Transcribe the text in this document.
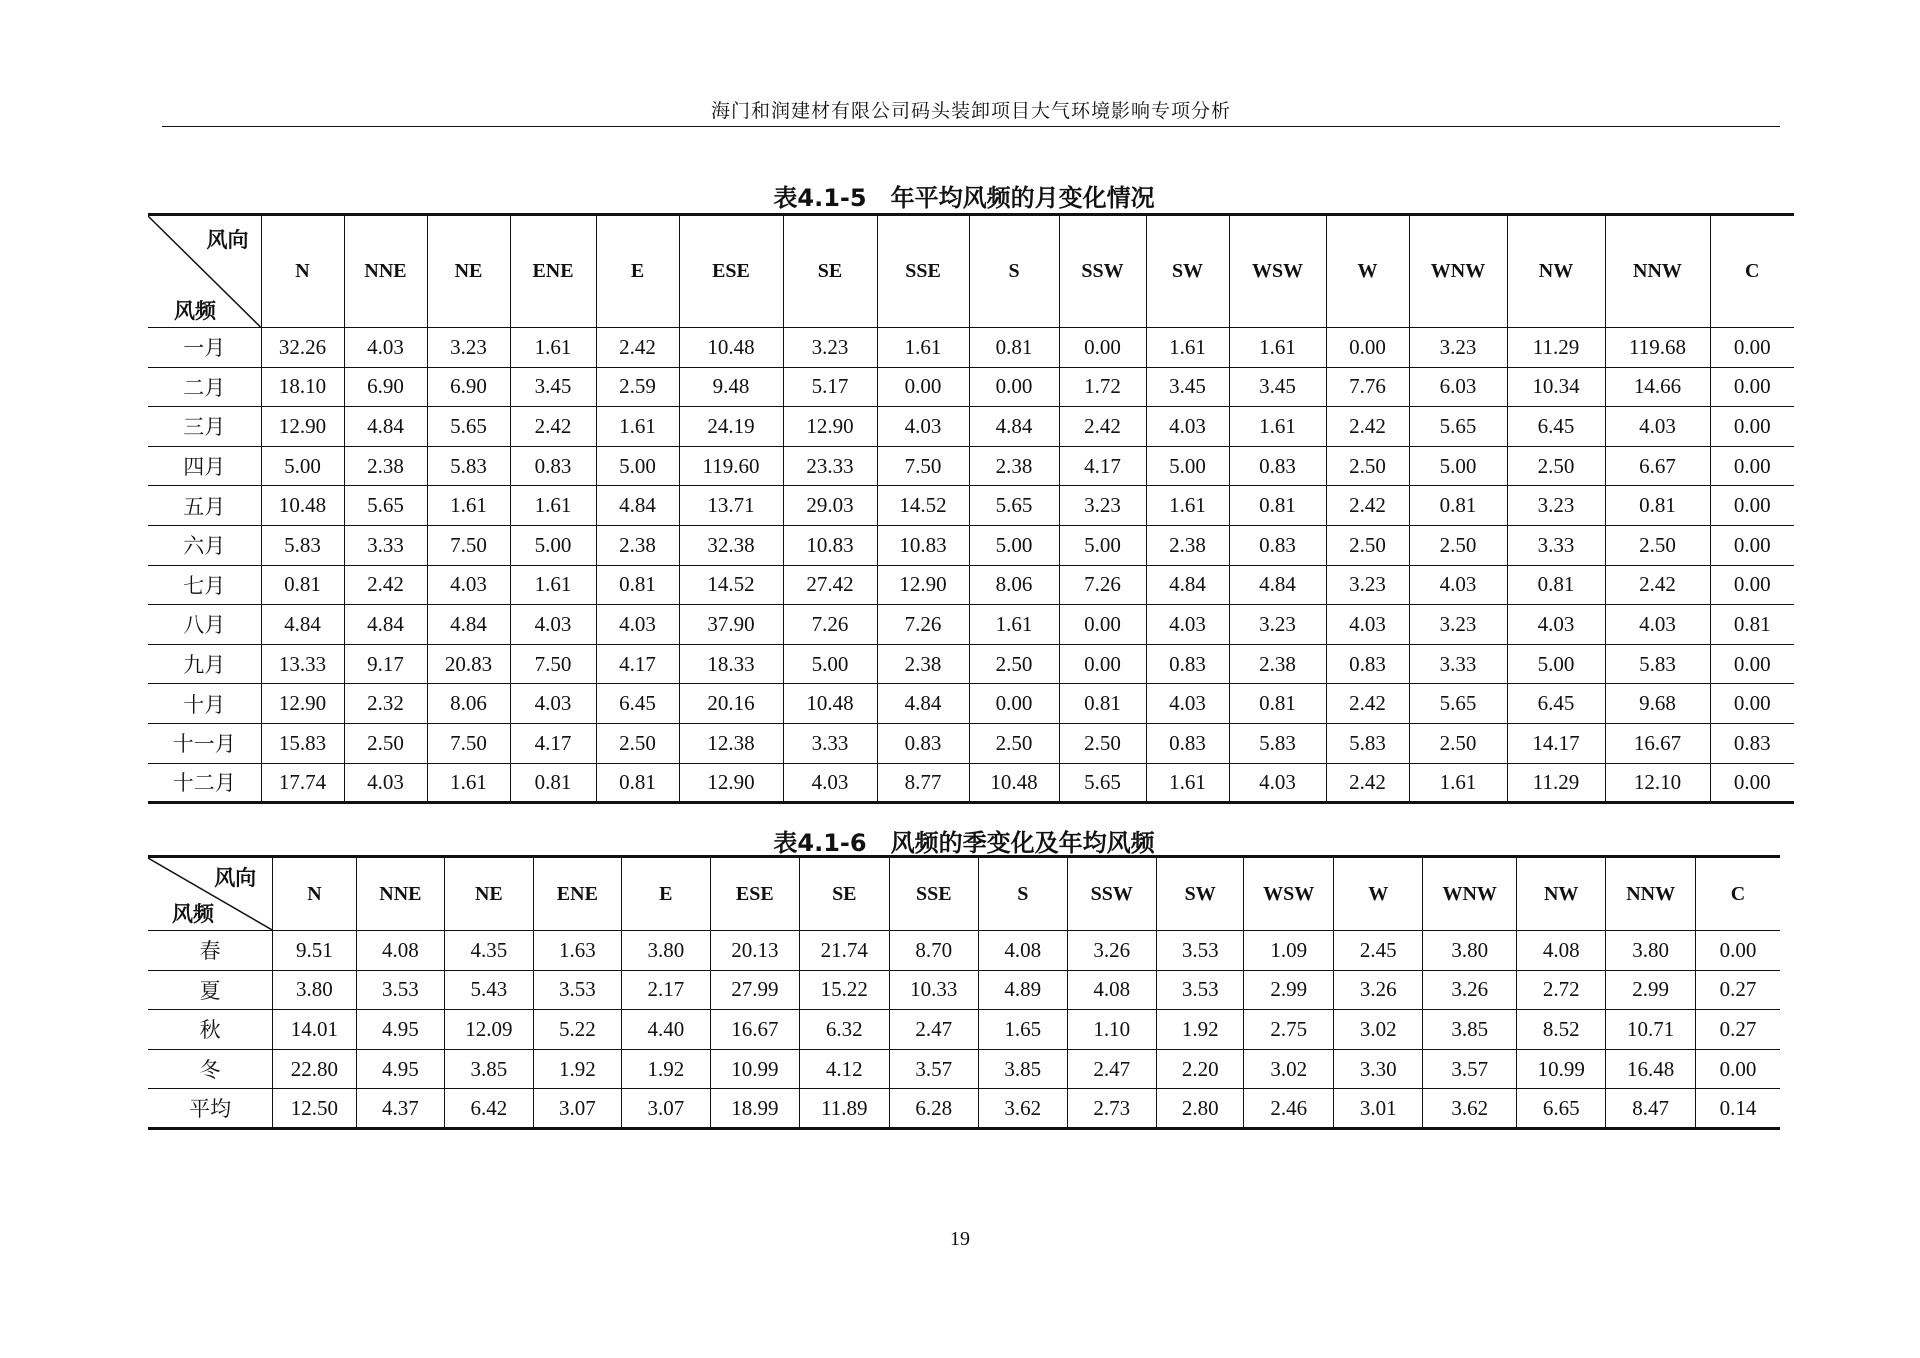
海门和润建材有限公司码头装卸项目大气环境影响专项分析
表4.1-5　年平均风频的月变化情况
风向
风频	N	NNE	NE	ENE	E	ESE	SE	SSE	S	SSW	SW	WSW	W	WNW	NW	NNW	C
一月	32.26	4.03	3.23	1.61	2.42	10.48	3.23	1.61	0.81	0.00	1.61	1.61	0.00	3.23	11.29	119.68	0.00
二月	18.10	6.90	6.90	3.45	2.59	9.48	5.17	0.00	0.00	1.72	3.45	3.45	7.76	6.03	10.34	14.66	0.00
三月	12.90	4.84	5.65	2.42	1.61	24.19	12.90	4.03	4.84	2.42	4.03	1.61	2.42	5.65	6.45	4.03	0.00
四月	5.00	2.38	5.83	0.83	5.00	119.60	23.33	7.50	2.38	4.17	5.00	0.83	2.50	5.00	2.50	6.67	0.00
五月	10.48	5.65	1.61	1.61	4.84	13.71	29.03	14.52	5.65	3.23	1.61	0.81	2.42	0.81	3.23	0.81	0.00
六月	5.83	3.33	7.50	5.00	2.38	32.38	10.83	10.83	5.00	5.00	2.38	0.83	2.50	2.50	3.33	2.50	0.00
七月	0.81	2.42	4.03	1.61	0.81	14.52	27.42	12.90	8.06	7.26	4.84	4.84	3.23	4.03	0.81	2.42	0.00
八月	4.84	4.84	4.84	4.03	4.03	37.90	7.26	7.26	1.61	0.00	4.03	3.23	4.03	3.23	4.03	4.03	0.81
九月	13.33	9.17	20.83	7.50	4.17	18.33	5.00	2.38	2.50	0.00	0.83	2.38	0.83	3.33	5.00	5.83	0.00
十月	12.90	2.32	8.06	4.03	6.45	20.16	10.48	4.84	0.00	0.81	4.03	0.81	2.42	5.65	6.45	9.68	0.00
十一月	15.83	2.50	7.50	4.17	2.50	12.38	3.33	0.83	2.50	2.50	0.83	5.83	5.83	2.50	14.17	16.67	0.83
十二月	17.74	4.03	1.61	0.81	0.81	12.90	4.03	8.77	10.48	5.65	1.61	4.03	2.42	1.61	11.29	12.10	0.00
表4.1-6　风频的季变化及年均风频
风向
风频	N	NNE	NE	ENE	E	ESE	SE	SSE	S	SSW	SW	WSW	W	WNW	NW	NNW	C
春	9.51	4.08	4.35	1.63	3.80	20.13	21.74	8.70	4.08	3.26	3.53	1.09	2.45	3.80	4.08	3.80	0.00
夏	3.80	3.53	5.43	3.53	2.17	27.99	15.22	10.33	4.89	4.08	3.53	2.99	3.26	3.26	2.72	2.99	0.27
秋	14.01	4.95	12.09	5.22	4.40	16.67	6.32	2.47	1.65	1.10	1.92	2.75	3.02	3.85	8.52	10.71	0.27
冬	22.80	4.95	3.85	1.92	1.92	10.99	4.12	3.57	3.85	2.47	2.20	3.02	3.30	3.57	10.99	16.48	0.00
平均	12.50	4.37	6.42	3.07	3.07	18.99	11.89	6.28	3.62	2.73	2.80	2.46	3.01	3.62	6.65	8.47	0.14
19
